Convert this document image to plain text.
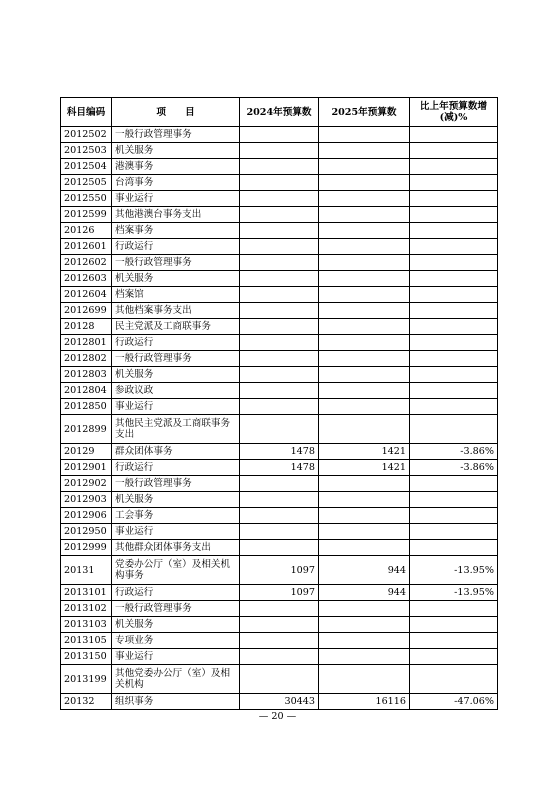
科目编码	项　　目	2024年预算数	2025年预算数	比上年预算数增(减)%
2012502	一般行政管理事务			
2012503	机关服务			
2012504	港澳事务			
2012505	台湾事务			
2012550	事业运行			
2012599	其他港澳台事务支出			
20126	档案事务			
2012601	行政运行			
2012602	一般行政管理事务			
2012603	机关服务			
2012604	档案馆			
2012699	其他档案事务支出			
20128	民主党派及工商联事务			
2012801	行政运行			
2012802	一般行政管理事务			
2012803	机关服务			
2012804	参政议政			
2012850	事业运行			
2012899	其他民主党派及工商联事务支出			
20129	群众团体事务	1478	1421	-3.86%
2012901	行政运行	1478	1421	-3.86%
2012902	一般行政管理事务			
2012903	机关服务			
2012906	工会事务			
2012950	事业运行			
2012999	其他群众团体事务支出			
20131	党委办公厅（室）及相关机构事务	1097	944	-13.95%
2013101	行政运行	1097	944	-13.95%
2013102	一般行政管理事务			
2013103	机关服务			
2013105	专项业务			
2013150	事业运行			
2013199	其他党委办公厅（室）及相关机构			
20132	组织事务	30443	16116	-47.06%
— 20 —
